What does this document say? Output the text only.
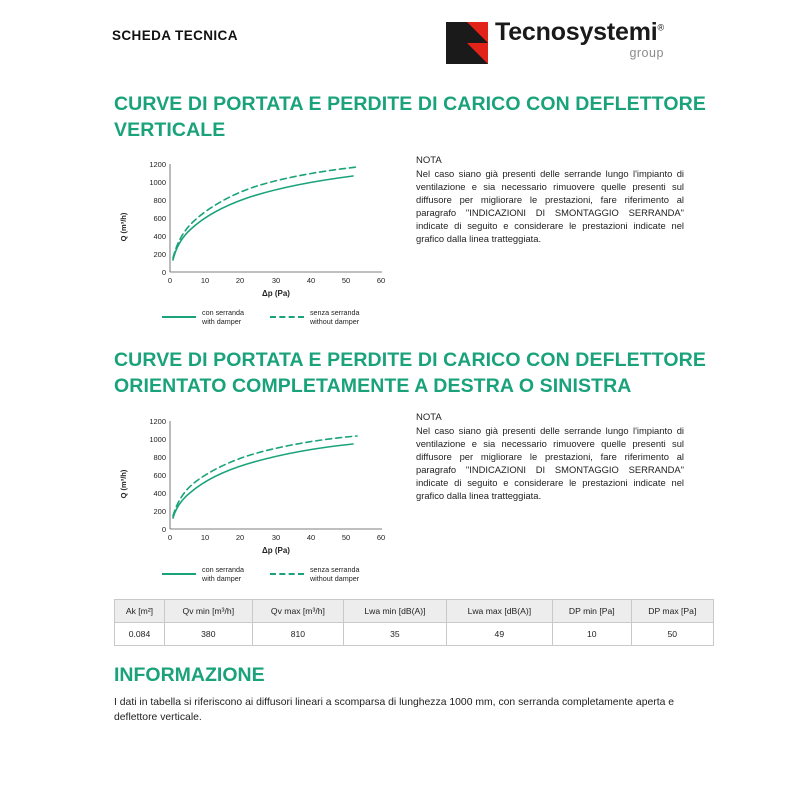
SCHEDA TECNICA	Tecnosystemi®
group
CURVE DI PORTATA E PERDITE DI CARICO CON DEFLETTORE VERTICALE
Q (m³/h)
1200
1000
800
600
400
200
0
0	10	20	30	40	50	60
Δp (Pa)
con serranda
with damper
senza serranda
without damper
NOTA
Nel caso siano già presenti delle serrande lungo l'impianto di ventilazione e sia necessario rimuovere quelle presenti sul diffusore per migliorare le prestazioni, fare riferimento al paragrafo "INDICAZIONI DI SMONTAGGIO SERRANDA" indicate di seguito e considerare le prestazioni indicate nel grafico dalla linea tratteggiata.
CURVE DI PORTATA E PERDITE DI CARICO CON DEFLETTORE ORIENTATO COMPLETAMENTE A DESTRA O SINISTRA
Q (m³/h)
1200
1000
800
600
400
200
0
0	10	20	30	40	50	60
Δp (Pa)
con serranda
with damper
senza serranda
without damper
NOTA
Nel caso siano già presenti delle serrande lungo l'impianto di ventilazione e sia necessario rimuovere quelle presenti sul diffusore per migliorare le prestazioni, fare riferimento al paragrafo "INDICAZIONI DI SMONTAGGIO SERRANDA" indicate di seguito e considerare le prestazioni indicate nel grafico dalla linea tratteggiata.
Ak [m²]	Qv min [m³/h]	Qv max [m³/h]	Lwa min [dB(A)]	Lwa max [dB(A)]	DP min [Pa]	DP max [Pa]
0.084	380	810	35	49	10	50
INFORMAZIONE
I dati in tabella si riferiscono ai diffusori lineari a scomparsa di lunghezza 1000 mm, con serranda completamente aperta e deflettore verticale.
